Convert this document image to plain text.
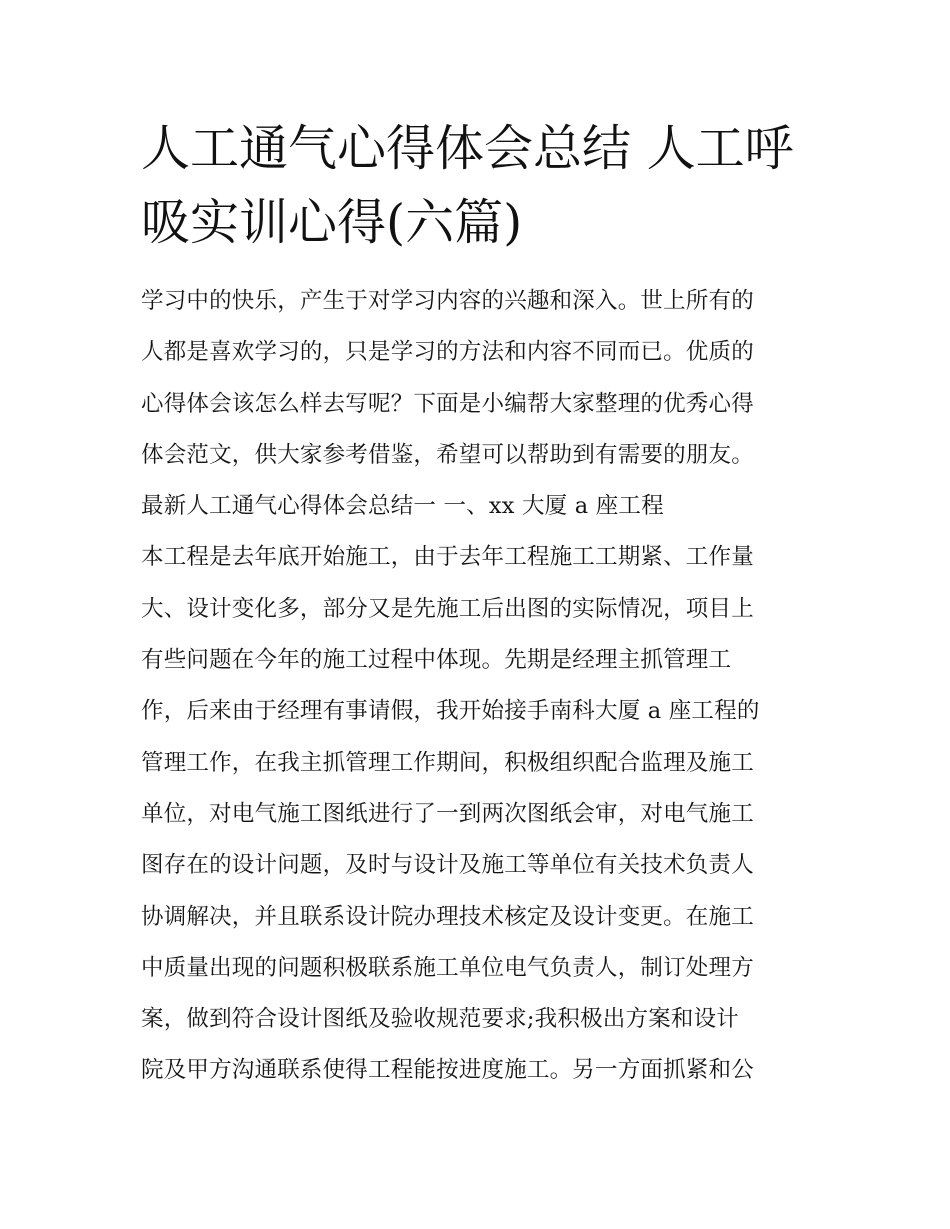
人工通气心得体会总结 人工呼吸实训心得(六篇)
学习中的快乐，产生于对学习内容的兴趣和深入。世上所有的
人都是喜欢学习的，只是学习的方法和内容不同而已。优质的
心得体会该怎么样去写呢？下面是小编帮大家整理的优秀心得
体会范文，供大家参考借鉴，希望可以帮助到有需要的朋友。
最新人工通气心得体会总结一 一、xx 大厦 a 座工程
本工程是去年底开始施工，由于去年工程施工工期紧、工作量
大、设计变化多，部分又是先施工后出图的实际情况，项目上
有些问题在今年的施工过程中体现。先期是经理主抓管理工
作，后来由于经理有事请假，我开始接手南科大厦 a 座工程的
管理工作，在我主抓管理工作期间，积极组织配合监理及施工
单位，对电气施工图纸进行了一到两次图纸会审，对电气施工
图存在的设计问题，及时与设计及施工等单位有关技术负责人
协调解决，并且联系设计院办理技术核定及设计变更。在施工
中质量出现的问题积极联系施工单位电气负责人，制订处理方
案，做到符合设计图纸及验收规范要求;我积极出方案和设计
院及甲方沟通联系使得工程能按进度施工。另一方面抓紧和公
